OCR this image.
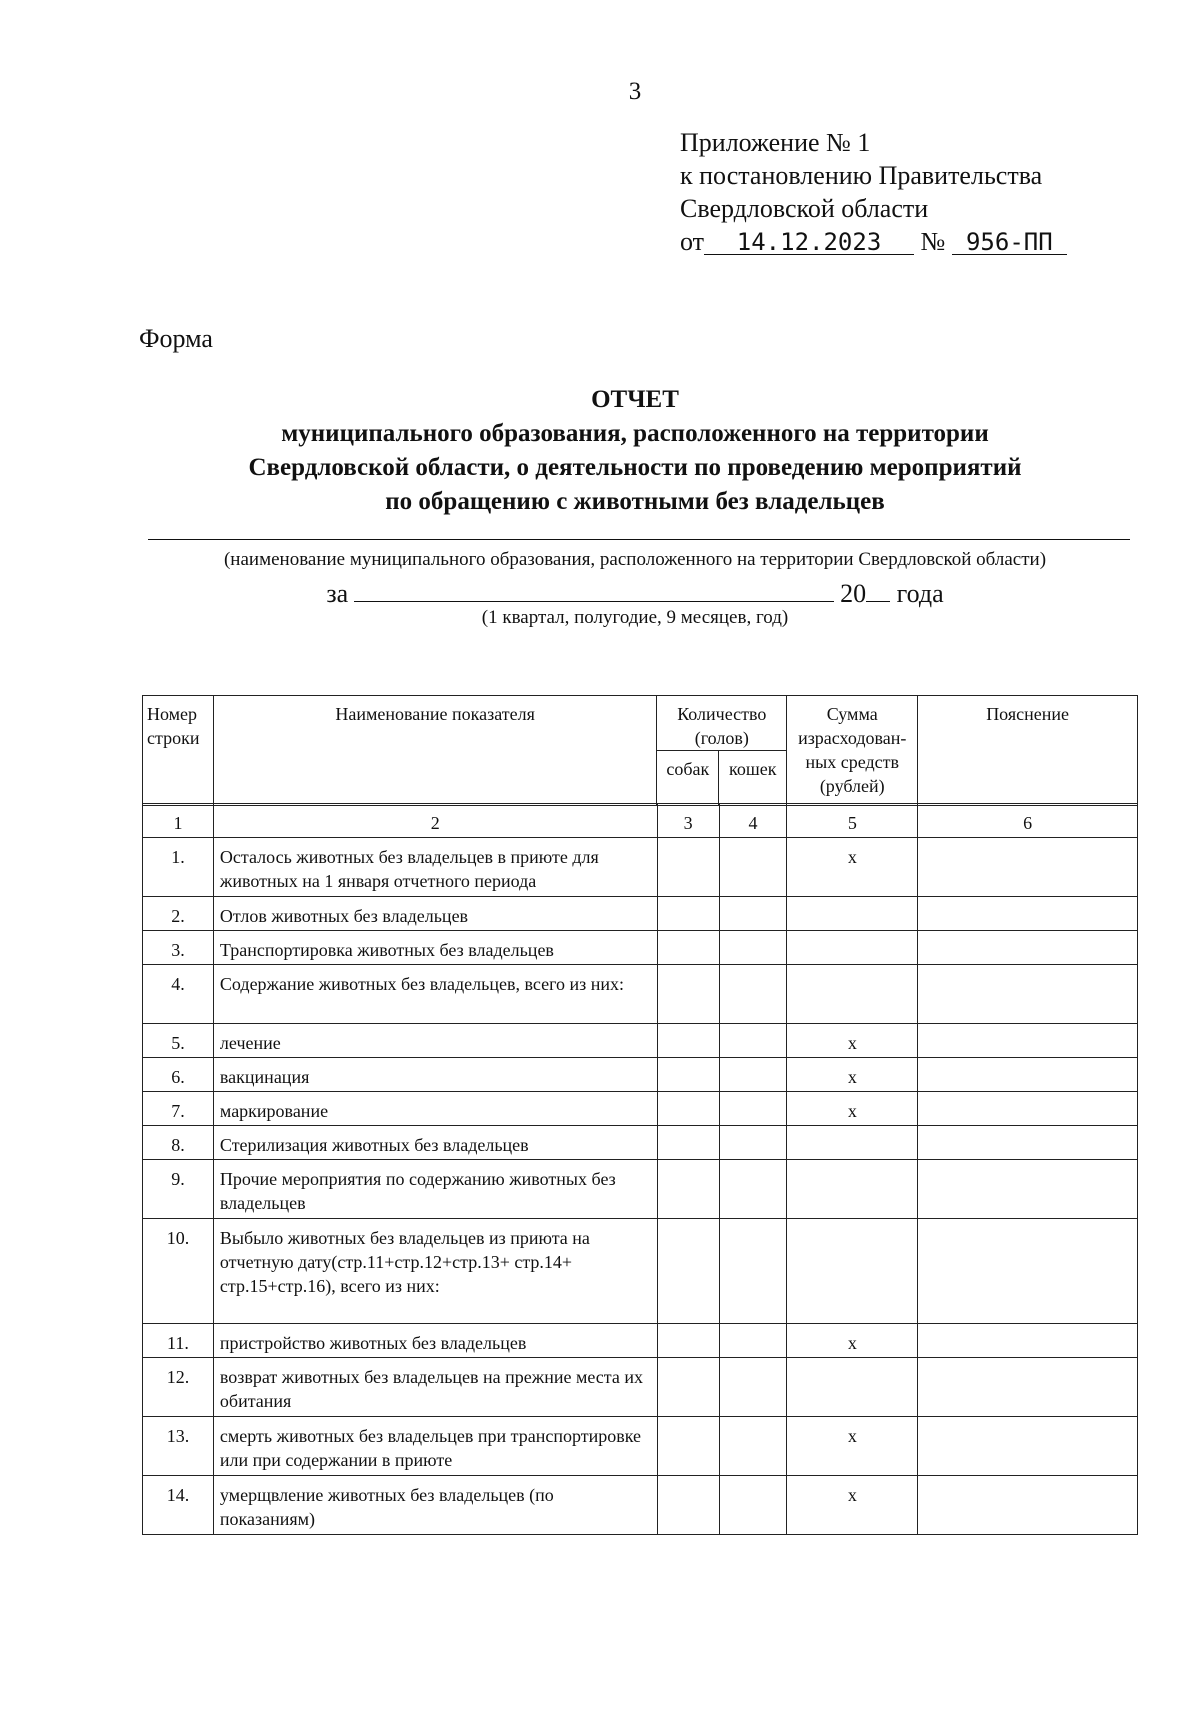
3
Приложение № 1
к постановлению Правительства
Свердловской области
от 14.12.2023 № 956-ПП
Форма
ОТЧЕТ
муниципального образования, расположенного на территории
Свердловской области, о деятельности по проведению мероприятий
по обращению с животными без владельцев
(наименование муниципального образования, расположенного на территории Свердловской области)
за	20 года
(1 квартал, полугодие, 9 месяцев, год)
Номер строки	Наименование показателя	Количество (голов)		Сумма израсходован-ных средств (рублей)	Пояснение
		собак	кошек		
1	2	3	4	5	6
1.	Осталось животных без владельцев в приюте для животных на 1 января отчетного периода			х	
2.	Отлов животных без владельцев				
3.	Транспортировка животных без владельцев				
4.	Содержание животных без владельцев, всего из них:				
5.	лечение			х	
6.	вакцинация			х	
7.	маркирование			х	
8.	Стерилизация животных без владельцев				
9.	Прочие мероприятия по содержанию животных без владельцев				
10.	Выбыло животных без владельцев из приюта на отчетную дату(стр.11+стр.12+стр.13+ стр.14+ стр.15+стр.16), всего из них:				
11.	пристройство животных без владельцев			х	
12.	возврат животных без владельцев на прежние места их обитания				
13.	смерть животных без владельцев при транспортировке или при содержании в приюте			х	
14.	умерщвление животных без владельцев (по показаниям)			х	
